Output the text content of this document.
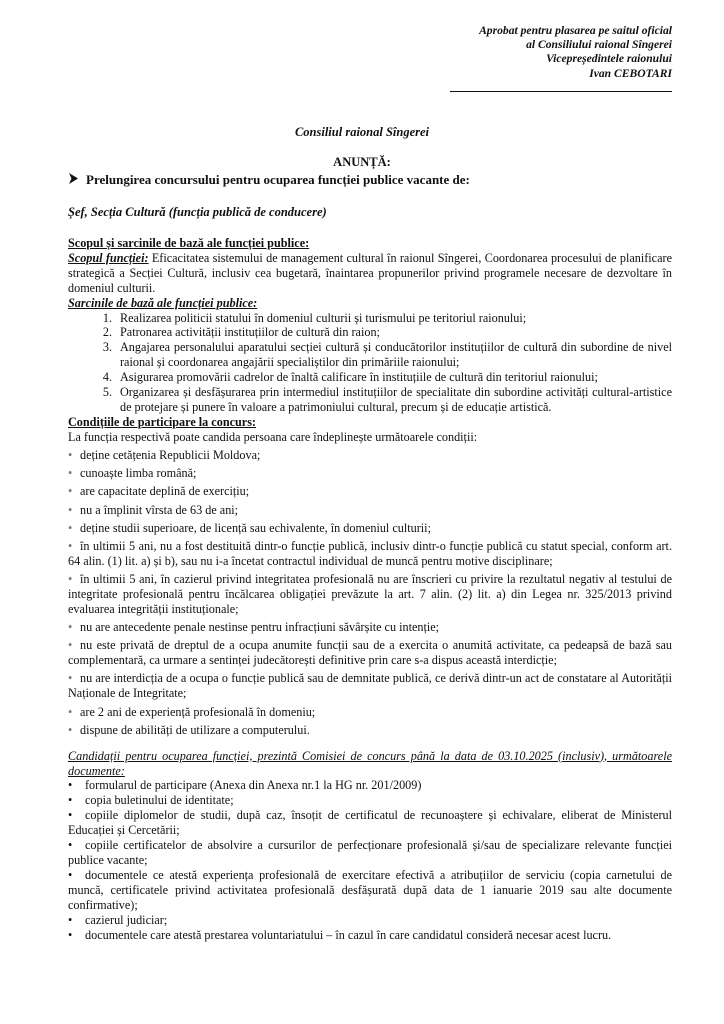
Aprobat pentru plasarea pe saitul oficial
al Consiliului raional Sîngerei
Vicepreședintele raionului
Ivan CEBOTARI
Consiliul raional Sîngerei
ANUNȚĂ:
Prelungirea concursului pentru ocuparea funcției publice vacante de:
Șef, Secția Cultură (funcția publică de conducere)
Scopul și sarcinile de bază ale funcției publice:
Scopul funcției: Eficacitatea sistemului de management cultural în raionul Sîngerei, Coordonarea procesului de planificare strategică a Secției Cultură, inclusiv cea bugetară, înaintarea propunerilor privind programele necesare de dezvoltare în domeniul culturii.
Sarcinile de bază ale funcției publice:
1. Realizarea politicii statului în domeniul culturii și turismului pe teritoriul raionului;
2. Patronarea activității instituțiilor de cultură din raion;
3. Angajarea personalului aparatului secției cultură și conducătorilor instituțiilor de cultură din subordine de nivel raional și coordonarea angajării specialiștilor din primăriile raionului;
4. Asigurarea promovării cadrelor de înaltă calificare în instituțiile de cultură din teritoriul raionului;
5. Organizarea și desfășurarea prin intermediul instituțiilor de specialitate din subordine activități cultural-artistice de protejare și punere în valoare a patrimoniului cultural, precum și de educație artistică.
Condițiile de participare la concurs:
La funcția respectivă poate candida persoana care îndeplinește următoarele condiții:

• deține cetățenia Republicii Moldova;

• cunoaște limba română;

• are capacitate deplină de exercițiu;

• nu a împlinit vîrsta de 63 de ani;

• deține studii superioare, de licență sau echivalente, în domeniul culturii;

• în ultimii 5 ani, nu a fost destituită dintr-o funcție publică, inclusiv dintr-o funcție publică cu statut special, conform art. 64 alin. (1) lit. a) și b), sau nu i-a încetat contractul individual de muncă pentru motive disciplinare;

• în ultimii 5 ani, în cazierul privind integritatea profesională nu are înscrieri cu privire la rezultatul negativ al testului de integritate profesională pentru încălcarea obligației prevăzute la art. 7 alin. (2) lit. a) din Legea nr. 325/2013 privind evaluarea integrității instituționale;

• nu are antecedente penale nestinse pentru infracțiuni săvârșite cu intenție;

• nu este privată de dreptul de a ocupa anumite funcții sau de a exercita o anumită activitate, ca pedeapsă de bază sau complementară, ca urmare a sentinței judecătorești definitive prin care s-a dispus această interdicție;

• nu are interdicția de a ocupa o funcție publică sau de demnitate publică, ce derivă dintr-un act de constatare al Autorității Naționale de Integritate;

• are 2 ani de experiență profesională în domeniu;

• dispune de abilități de utilizare a computerului.

Candidații pentru ocuparea funcției, prezintă Comisiei de concurs până la data de 03.10.2025 (inclusiv), următoarele documente:

• formularul de participare (Anexa din Anexa nr.1 la HG nr. 201/2009)

• copia buletinului de identitate;

• copiile diplomelor de studii, după caz, însoțit de certificatul de recunoaștere și echivalare, eliberat de Ministerul Educației și Cercetării;

• copiile certificatelor de absolvire a cursurilor de perfecționare profesională și/sau de specializare relevante funcției publice vacante;

• documentele ce atestă experiența profesională de exercitare efectivă a atribuțiilor de serviciu (copia carnetului de muncă, certificatele privind activitatea profesională desfășurată după data de 1 ianuarie 2019 sau alte documente confirmative);

• cazierul judiciar;

• documentele care atestă prestarea voluntariatului – în cazul în care candidatul consideră necesar acest lucru.
